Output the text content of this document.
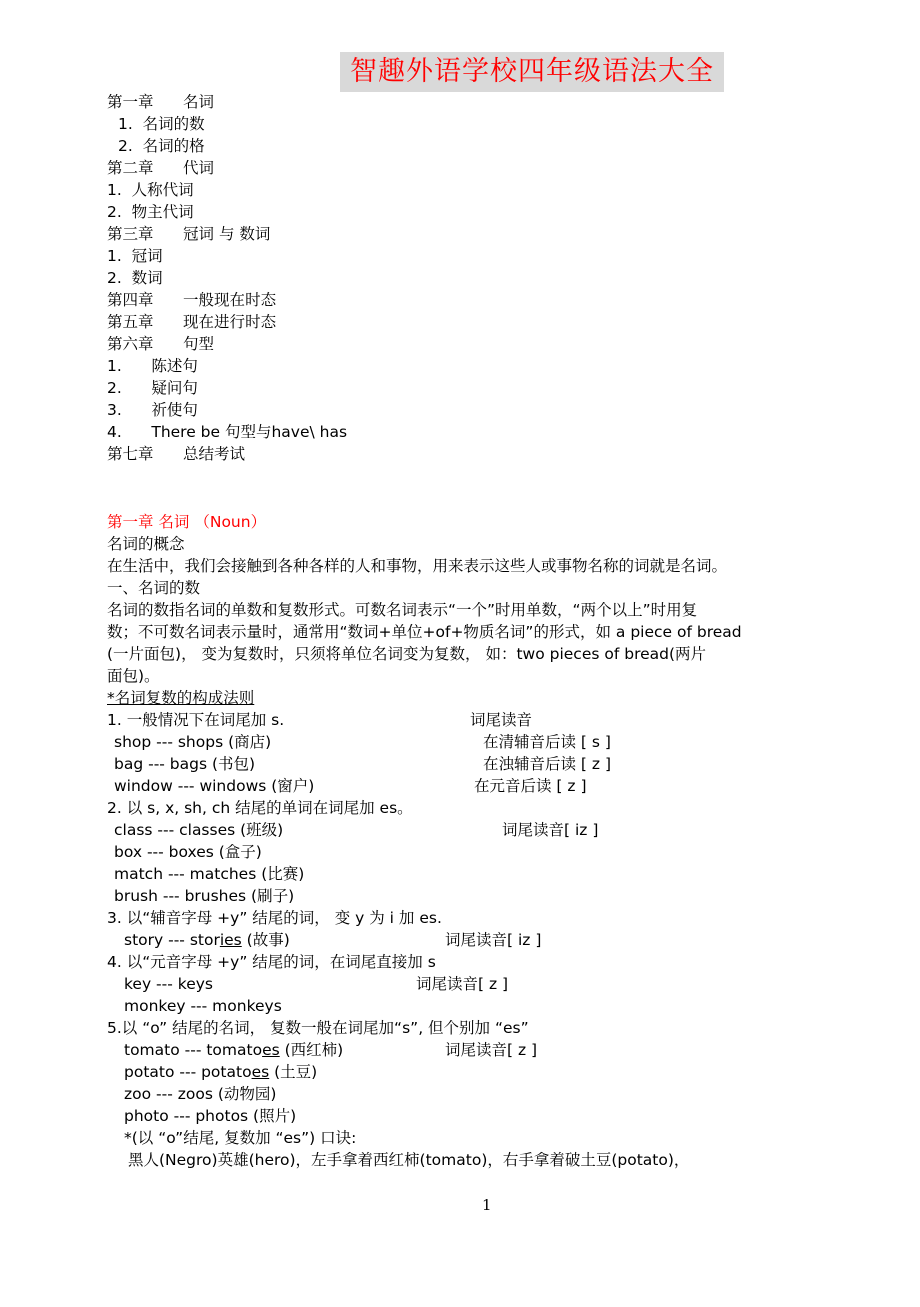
智趣外语学校四年级语法大全
第一章      名词
1.  名词的数
2.  名词的格
第二章      代词
1.  人称代词
2.  物主代词
第三章      冠词 与 数词
1.  冠词
2.  数词
第四章      一般现在时态
第五章      现在进行时态
第六章      句型
1.      陈述句
2.      疑问句
3.      祈使句
4.      There be 句型与have\ has
第七章      总结考试
第一章 名词 （Noun）
名词的概念
在生活中，我们会接触到各种各样的人和事物，用来表示这些人或事物名称的词就是名词。
一、名词的数
名词的数指名词的单数和复数形式。可数名词表示“一个”时用单数，“两个以上”时用复
数；不可数名词表示量时，通常用“数词+单位+of+物质名词”的形式，如 a piece of bread
(一片面包)， 变为复数时，只须将单位名词变为复数， 如：two pieces of bread(两片
面包)。
*名词复数的构成法则
1. 一般情况下在词尾加 s.	词尾读音
shop --- shops (商店)	在清辅音后读 [ s ]
bag --- bags (书包)	在浊辅音后读 [ z ]
window --- windows (窗户)	在元音后读 [ z ]
2. 以 s, x, sh, ch 结尾的单词在词尾加 es。
class --- classes (班级)	词尾读音[ iz ]
box --- boxes (盒子)
match --- matches (比赛)
brush --- brushes (刷子)
3. 以“辅音字母 +y” 结尾的词， 变 y 为 i 加 es.
story --- stories (故事)	词尾读音[ iz ]
4. 以“元音字母 +y” 结尾的词，在词尾直接加 s
key --- keys	词尾读音[ z ]
monkey --- monkeys
5.以 “o” 结尾的名词， 复数一般在词尾加“s”, 但个别加 “es”
tomato --- tomatoes (西红柿)	词尾读音[ z ]
potato --- potatoes (土豆)
zoo --- zoos (动物园)
photo --- photos (照片)
*(以 “o”结尾, 复数加 “es”) 口诀:
黑人(Negro)英雄(hero)，左手拿着西红柿(tomato)，右手拿着破土豆(potato)，
1
